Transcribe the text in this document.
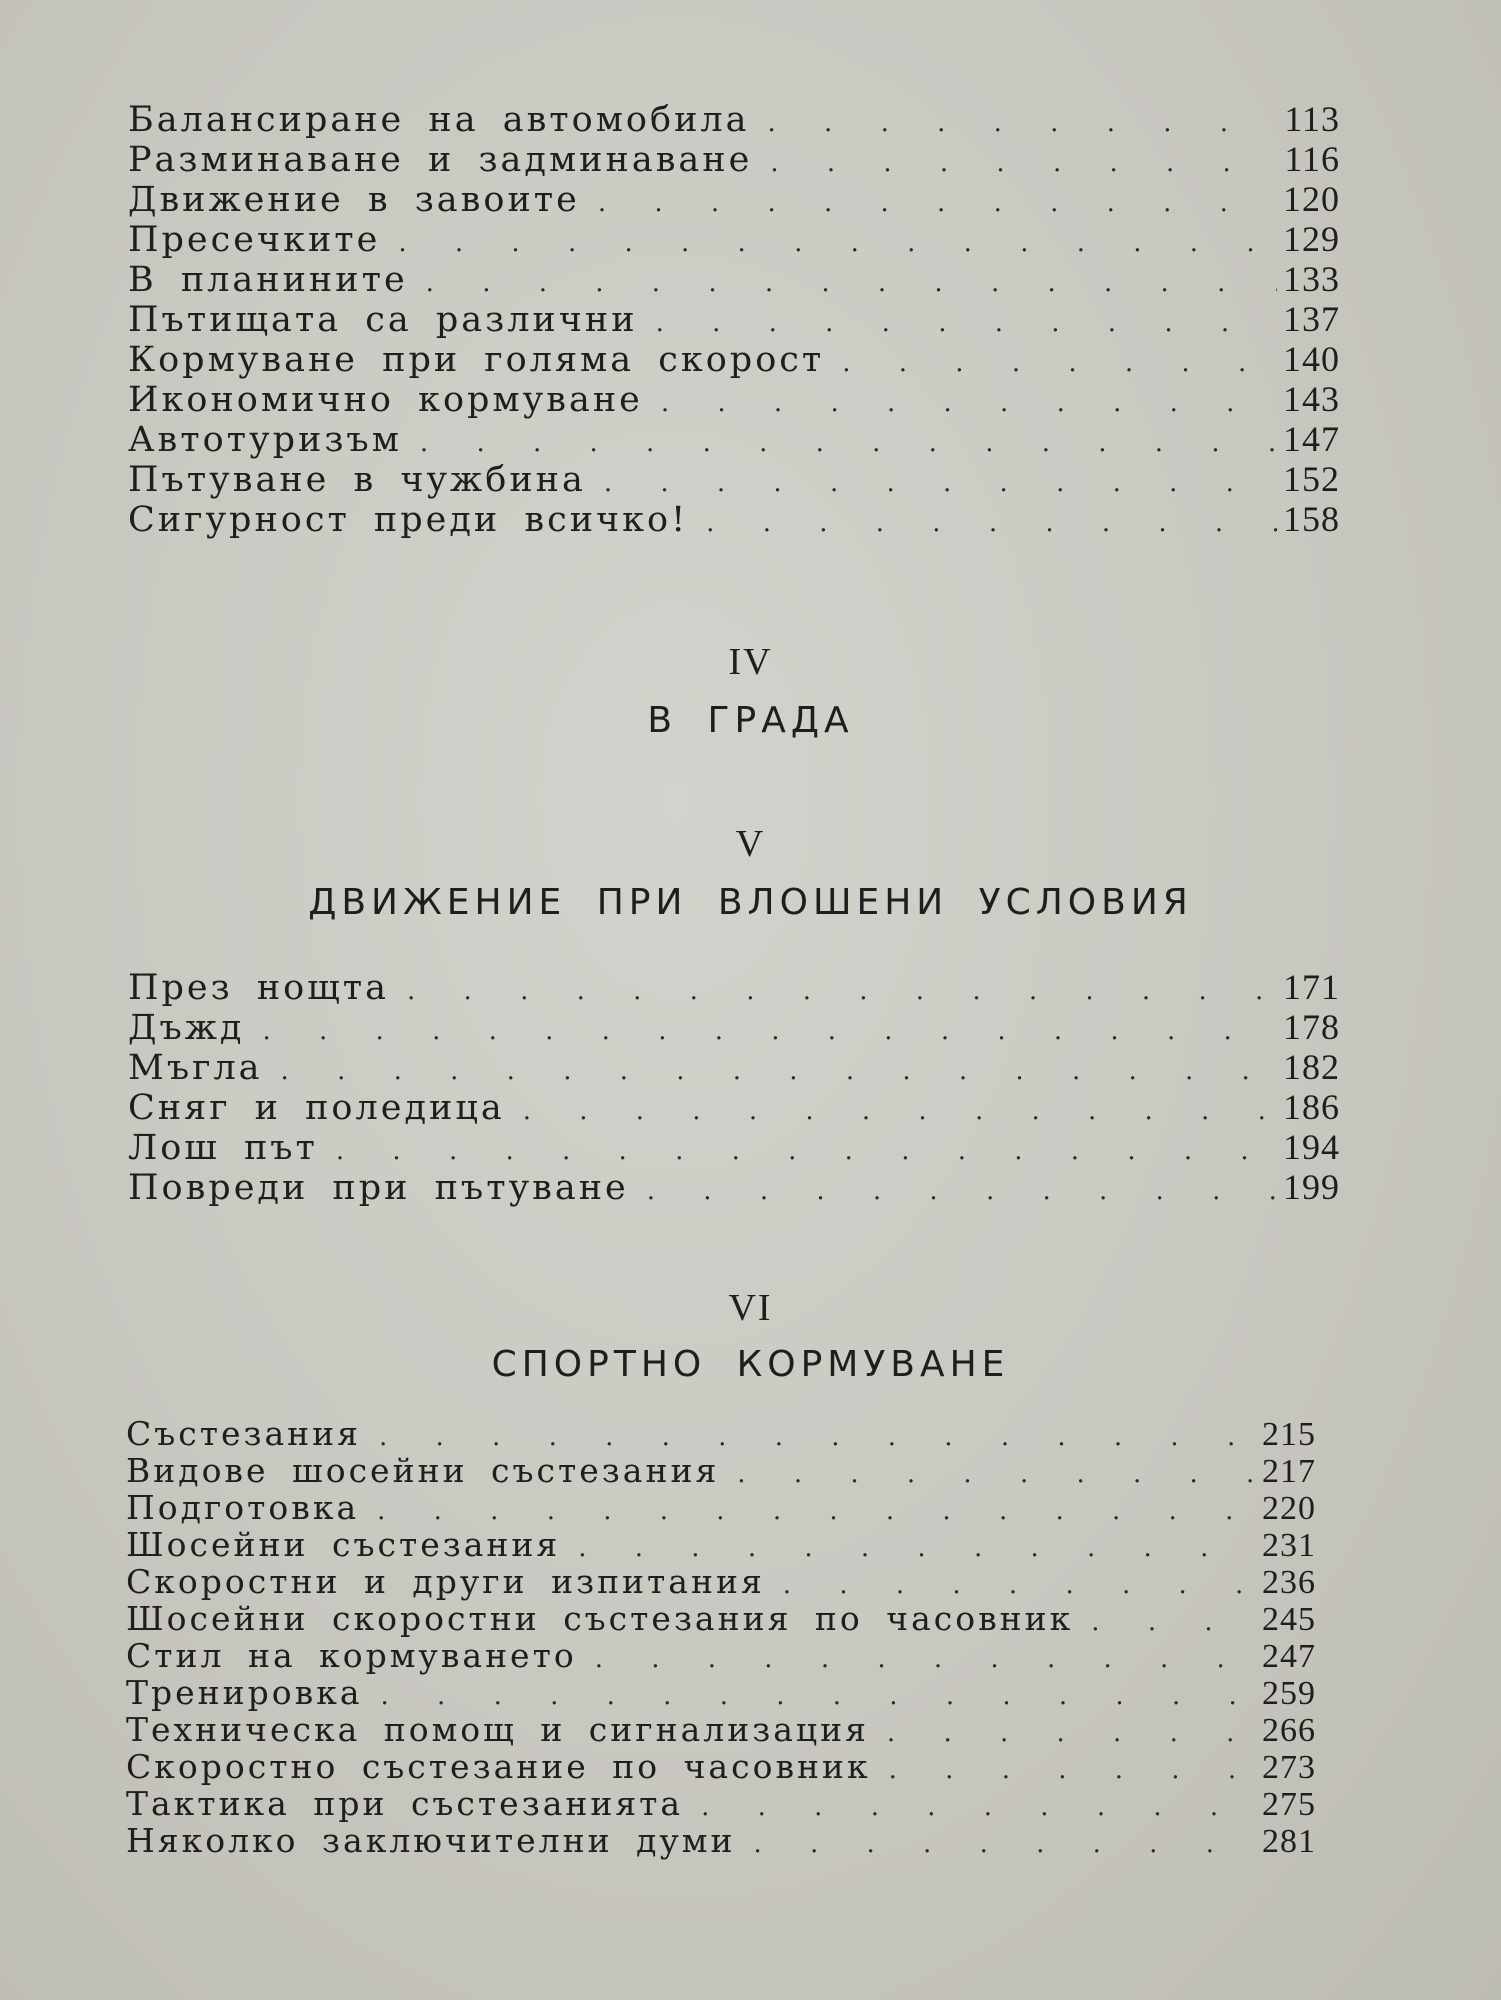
Балансиране на автомобила . . .	113
Разминаване и задминаване . . .	116
Движение в завоите . . .	120
Пресечките . . .	129
В планините . . .	133
Пътищата са различни . . .	137
Кормуване при голяма скорост . . .	140
Икономично кормуване . . .	143
Автотуризъм . . .	147
Пътуване в чужбина . . .	152
Сигурност преди всичко! . . .	158
IV
В ГРАДА
V
ДВИЖЕНИЕ ПРИ ВЛОШЕНИ УСЛОВИЯ
През нощта . . .	171
Дъжд . . .	178
Мъгла . . .	182
Сняг и поледица . . .	186
Лош път . . .	194
Повреди при пътуване . . .	199
VI
СПОРТНО КОРМУВАНЕ
Състезания . . .	215
Видове шосейни състезания . . .	217
Подготовка . . .	220
Шосейни състезания . . .	231
Скоростни и други изпитания . . .	236
Шосейни скоростни състезания по часовник . . .	245
Стил на кормуването . . .	247
Тренировка . . .	259
Техническа помощ и сигнализация . . .	266
Скоростно състезание по часовник . . .	273
Тактика при състезанията . . .	275
Няколко заключителни думи . . .	281
